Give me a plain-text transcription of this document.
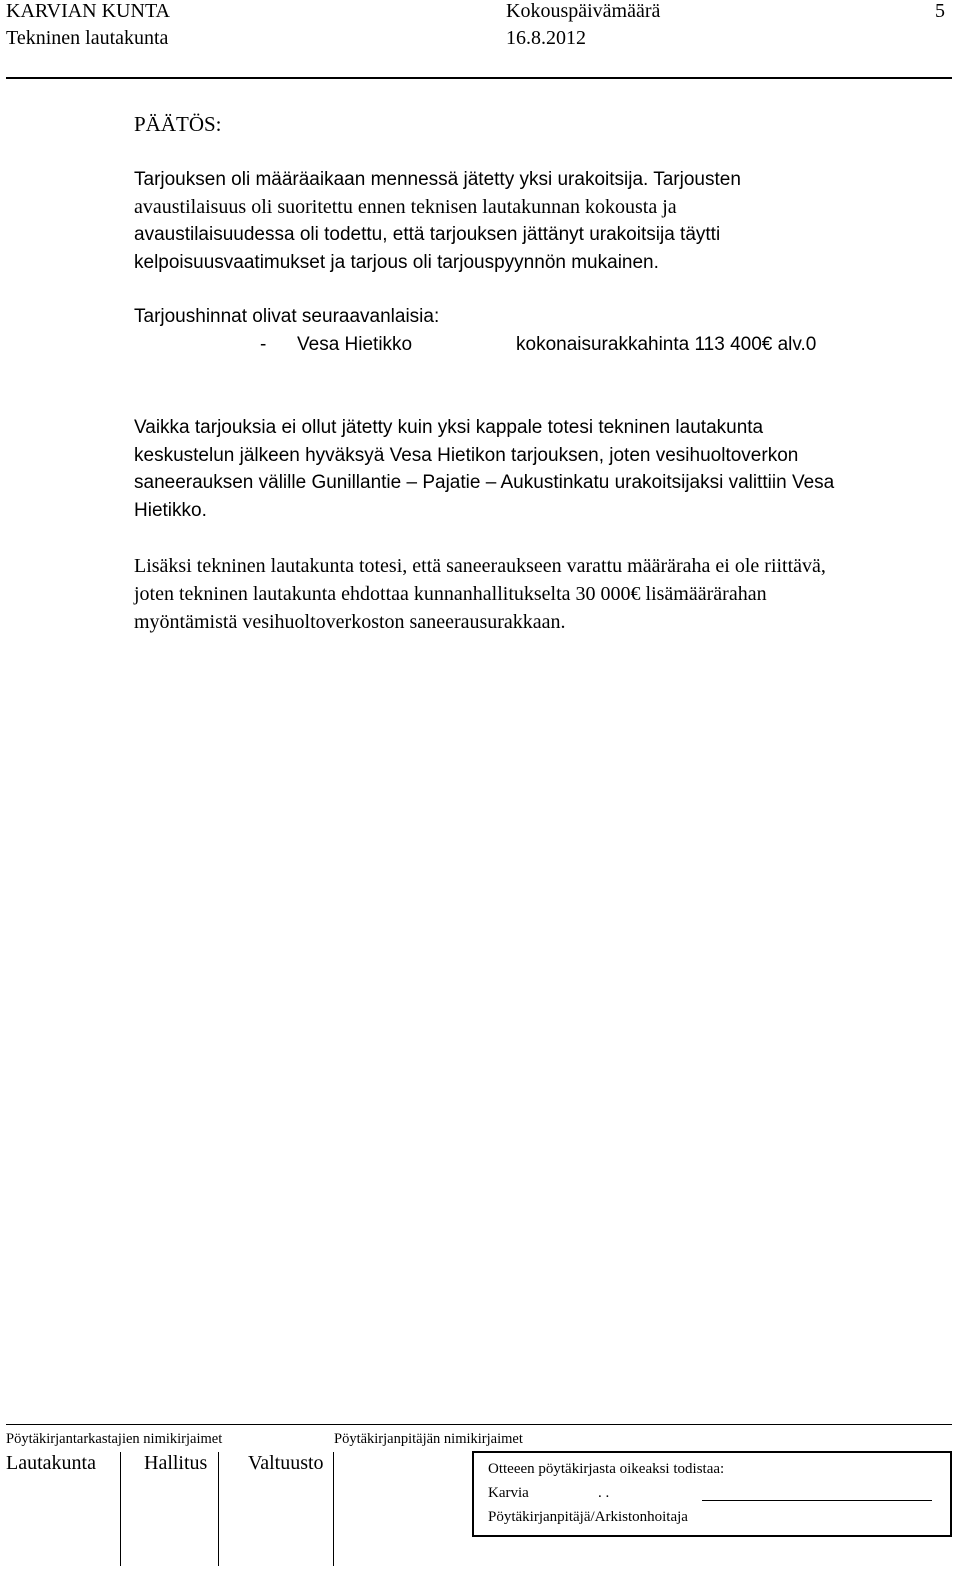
KARVIAN KUNTA	Kokouspäivämäärä	5
Tekninen lautakunta	16.8.2012
PÄÄTÖS:
Tarjouksen oli määräaikaan mennessä jätetty yksi urakoitsija. Tarjousten
avaustilaisuus oli suoritettu ennen teknisen lautakunnan kokousta ja
avaustilaisuudessa oli todettu, että tarjouksen jättänyt urakoitsija täytti
kelpoisuusvaatimukset ja tarjous oli tarjouspyynnön mukainen.
Tarjoushinnat olivat seuraavanlaisia:
- Vesa Hietikko	kokonaisurakkahinta 113 400€ alv.0
Vaikka tarjouksia ei ollut jätetty kuin yksi kappale totesi tekninen lautakunta
keskustelun jälkeen hyväksyä Vesa Hietikon tarjouksen, joten vesihuoltoverkon
saneerauksen välille Gunillantie – Pajatie – Aukustinkatu urakoitsijaksi valittiin Vesa
Hietikko.
Lisäksi tekninen lautakunta totesi, että saneeraukseen varattu määräraha ei ole riittävä,
joten tekninen lautakunta ehdottaa kunnanhallitukselta 30 000€ lisämäärärahan
myöntämistä vesihuoltoverkoston saneerausurakkaan.
Pöytäkirjantarkastajien nimikirjaimet	Pöytäkirjanpitäjän nimikirjaimet
Lautakunta Hallitus Valtuusto	Otteeen pöytäkirjasta oikeaksi todistaa:
Karvia	. .
Pöytäkirjanpitäjä/Arkistonhoitaja
